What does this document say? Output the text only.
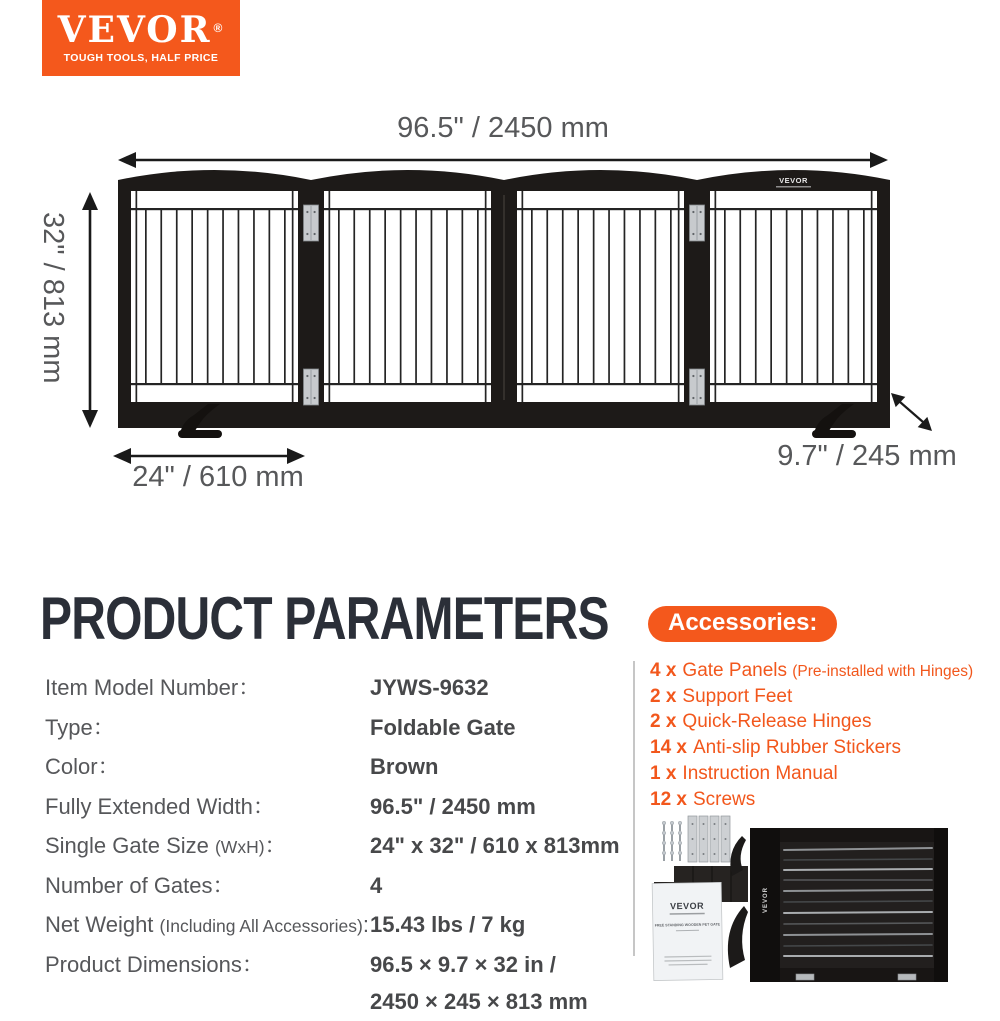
VEVOR ®
TOUGH TOOLS, HALF PRICE
VEVOR
96.5" / 2450 mm
32" / 813 mm
24" / 610 mm
9.7" / 245 mm
PRODUCT PARAMETERS
Item Model Number：	JYWS-9632
Type：	Foldable Gate
Color：	Brown
Fully Extended Width：	96.5" / 2450 mm
Single Gate Size (WxH)：	24" x 32" / 610 x 813mm
Number of Gates：	4
Net Weight (Including All Accessories): 15.43 lbs / 7 kg
Product Dimensions：	96.5 × 9.7 × 32 in /
2450 × 245 × 813 mm
Accessories:
4 x Gate Panels (Pre-installed with Hinges)
2 x Support Feet
2 x Quick-Release Hinges
14 x Anti-slip Rubber Stickers
1 x Instruction Manual
12 x Screws
VEVOR
VEVOR
FREE STANDING WOODEN PET GATE
